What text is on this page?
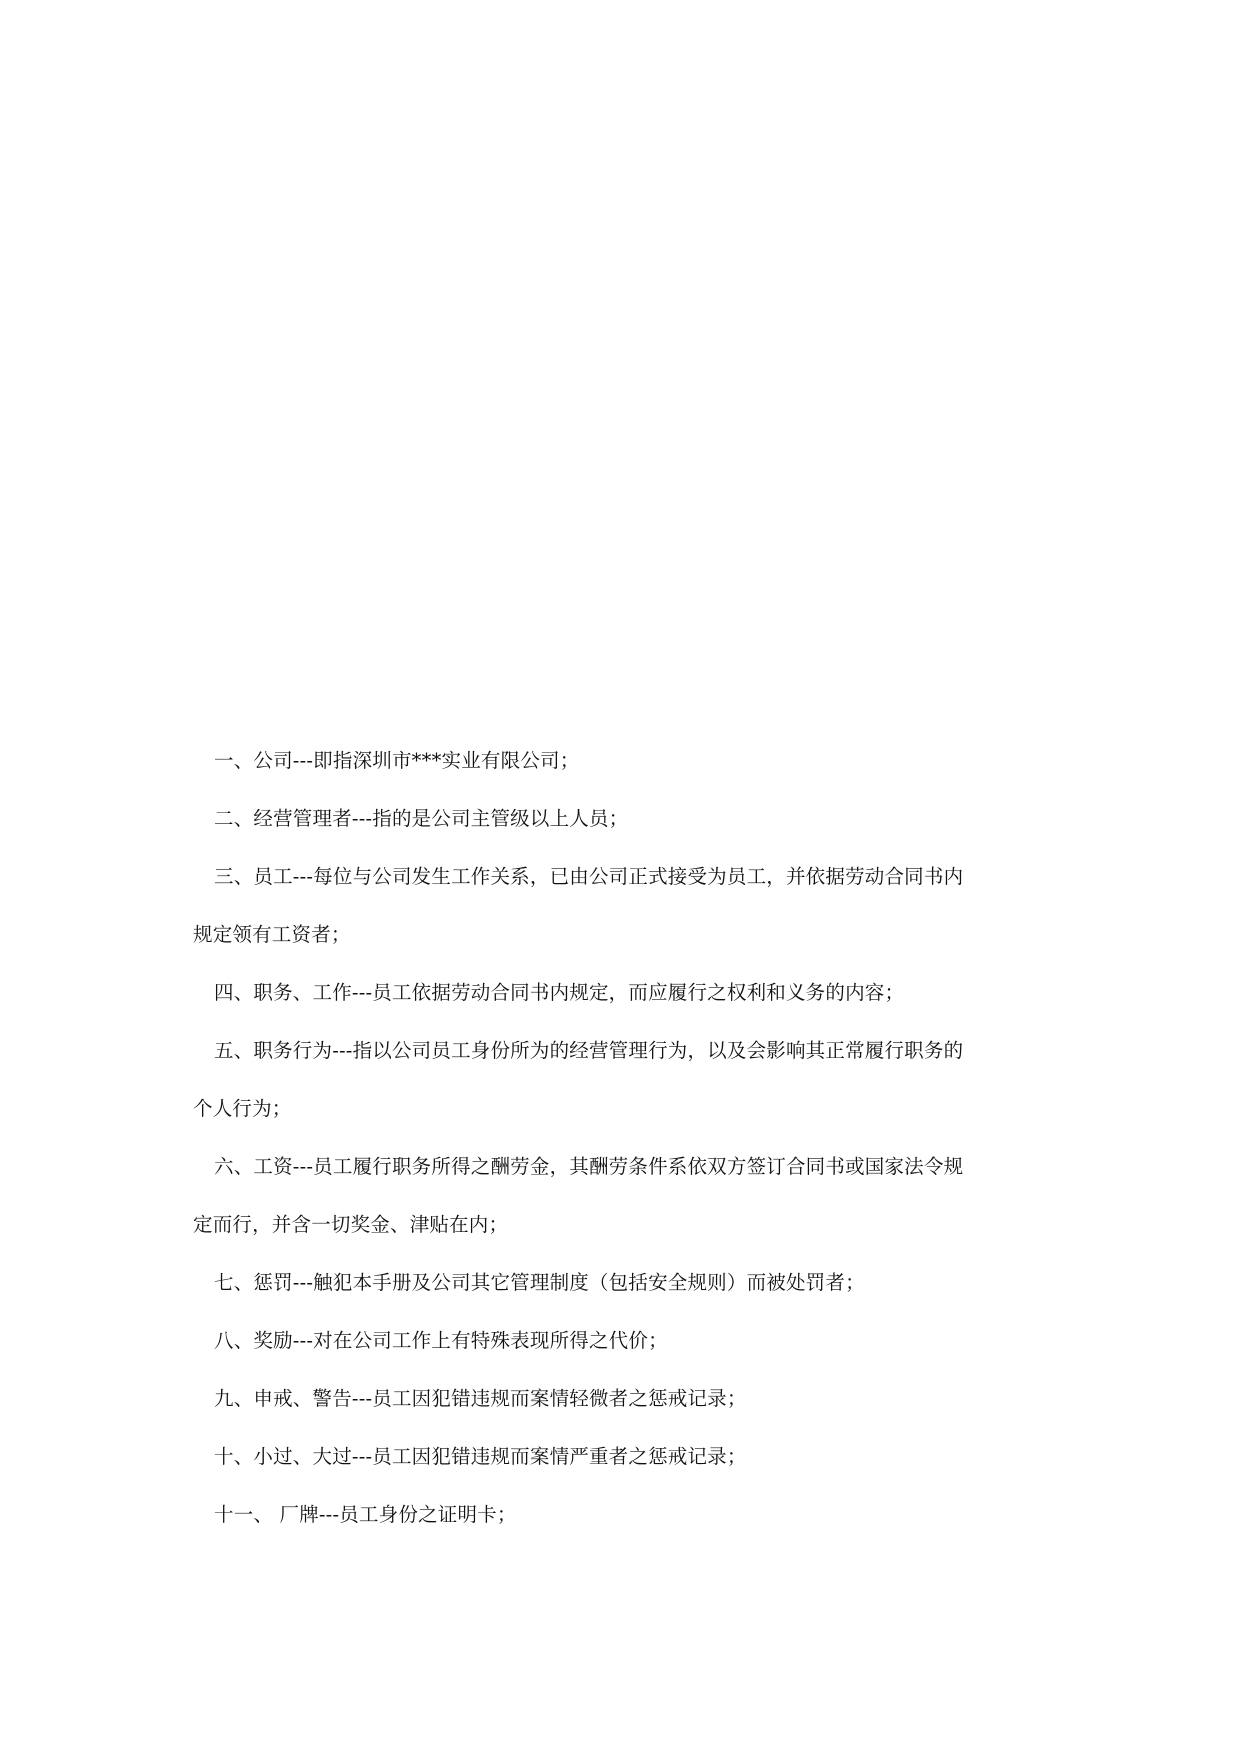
一、公司---即指深圳市***实业有限公司；
二、经营管理者---指的是公司主管级以上人员；
三、员工---每位与公司发生工作关系，已由公司正式接受为员工，并依据劳动合同书内
规定领有工资者；
四、职务、工作---员工依据劳动合同书内规定，而应履行之权利和义务的内容；
五、职务行为---指以公司员工身份所为的经营管理行为，以及会影响其正常履行职务的
个人行为；
六、工资---员工履行职务所得之酬劳金，其酬劳条件系依双方签订合同书或国家法令规
定而行，并含一切奖金、津贴在内；
七、惩罚---触犯本手册及公司其它管理制度（包括安全规则）而被处罚者；
八、奖励---对在公司工作上有特殊表现所得之代价；
九、申戒、警告---员工因犯错违规而案情轻微者之惩戒记录；
十、小过、大过---员工因犯错违规而案情严重者之惩戒记录；
十一、 厂牌---员工身份之证明卡；
